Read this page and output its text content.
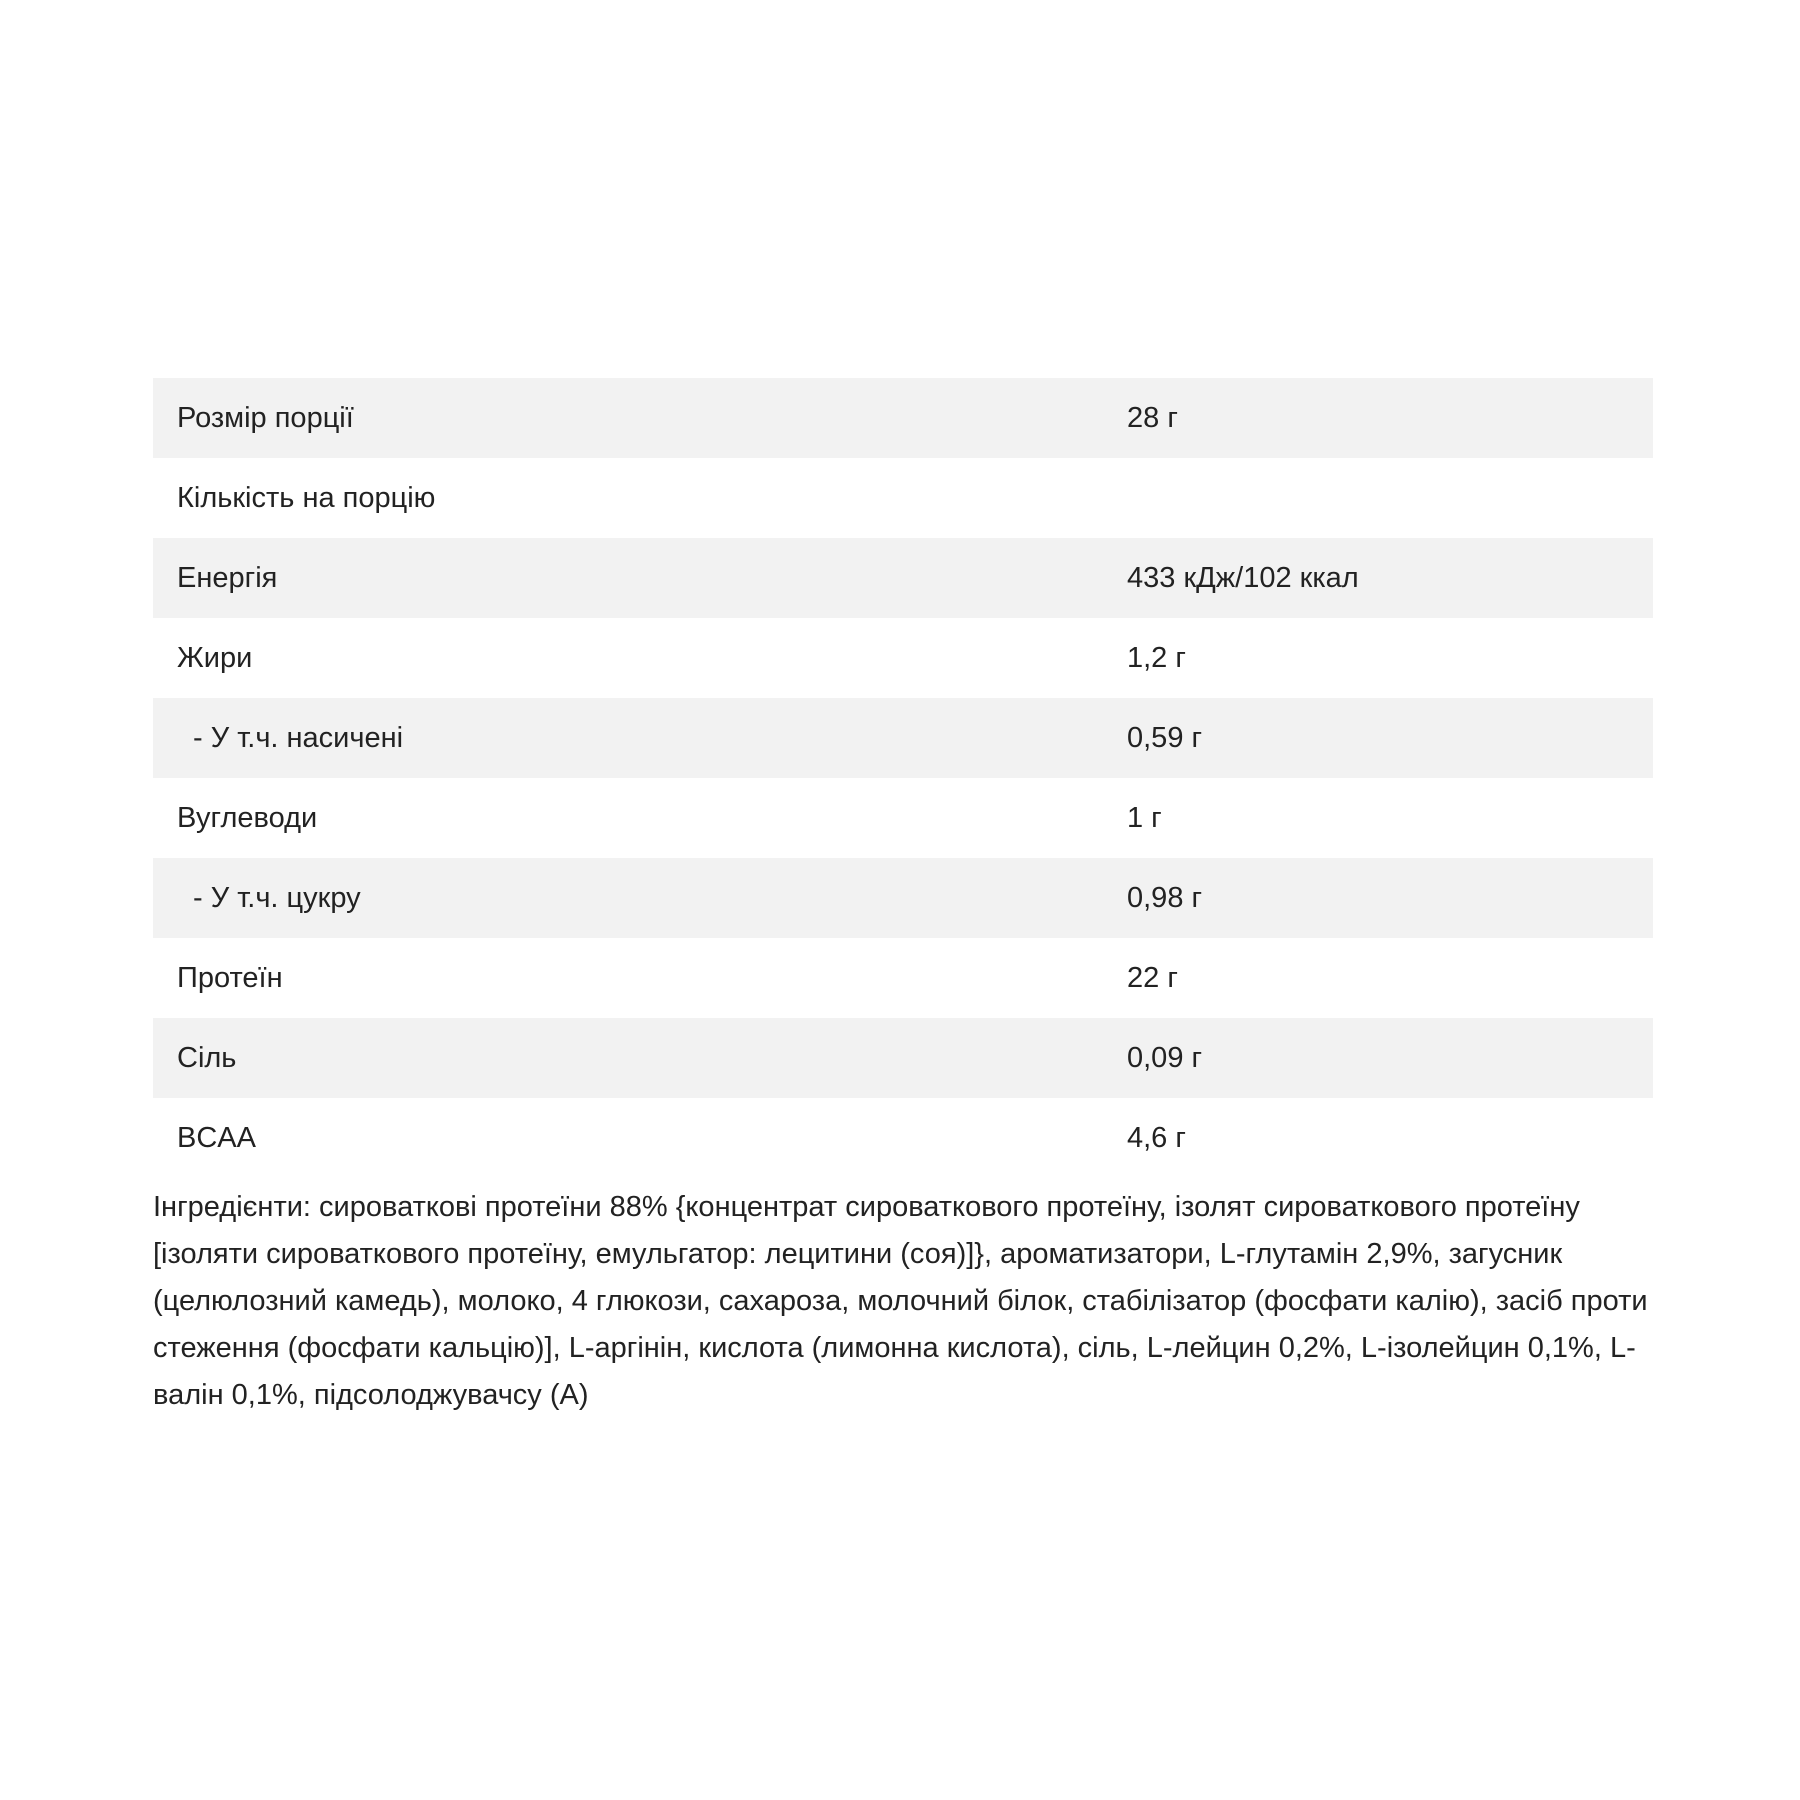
Розмір порції	28 г
Кількість на порцію
Енергія	433 кДж/102 ккал
Жири	1,2 г
- У т.ч. насичені	0,59 г
Вуглеводи	1 г
- У т.ч. цукру	0,98 г
Протеїн	22 г
Сіль	0,09 г
BCAA	4,6 г

Інгредієнти: сироваткові протеїни 88% {концентрат сироваткового протеїну, ізолят сироваткового протеїну [ізоляти сироваткового протеїну, емульгатор: лецитини (соя)]}, ароматизатори, L-глутамін 2,9%, загусник (целюлозний камедь), молоко, 4 глюкози, сахароза, молочний білок, стабілізатор (фосфати калію), засіб проти стеження (фосфати кальцію)], L-аргінін, кислота (лимонна кислота), сіль, L-лейцин 0,2%, L-ізолейцин 0,1%, L-валін 0,1%, підсолоджувачсу (А)
